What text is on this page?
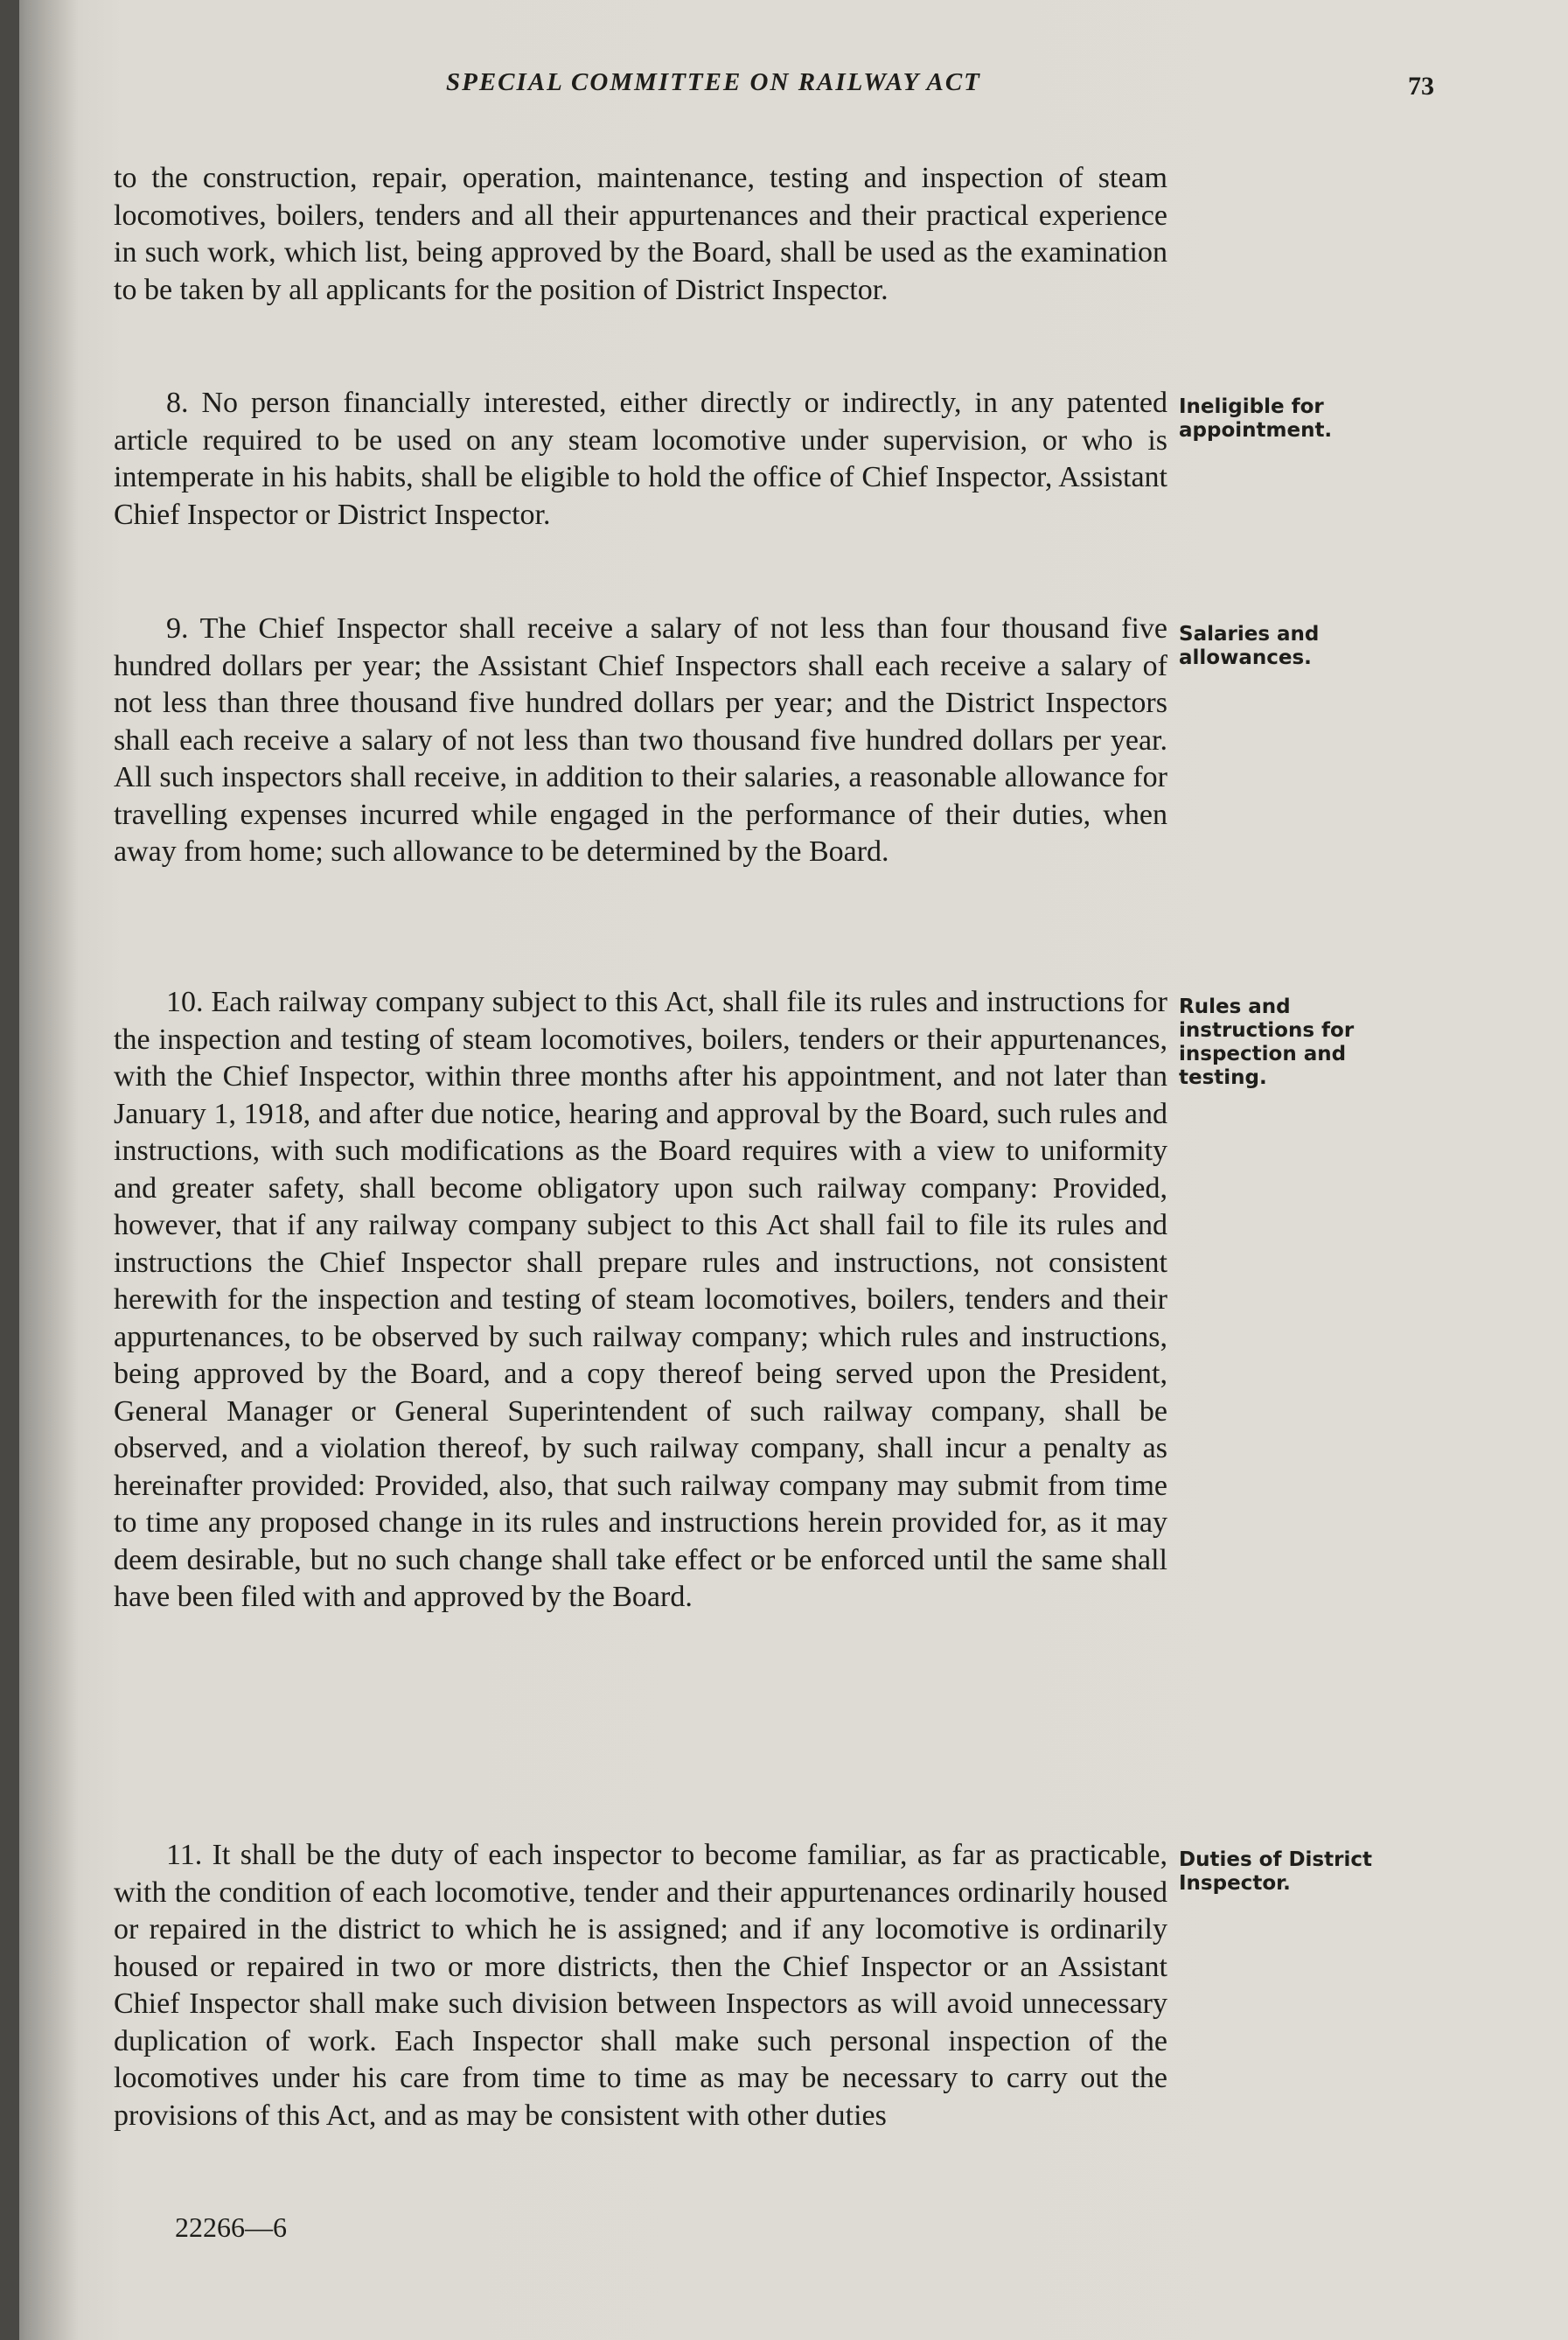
SPECIAL COMMITTEE ON RAILWAY ACT	73

to the construction, repair, operation, maintenance, testing and inspection of steam locomotives, boilers, tenders and all their appurtenances and their practical experience in such work, which list, being approved by the Board, shall be used as the examination to be taken by all applicants for the position of District Inspector.

8. No person financially interested, either directly or indirectly, in any patented article required to be used on any steam locomotive under supervision, or who is intemperate in his habits, shall be eligible to hold the office of Chief Inspector, Assistant Chief Inspector or District Inspector.

Ineligible for appointment.

9. The Chief Inspector shall receive a salary of not less than four thousand five hundred dollars per year; the Assistant Chief Inspectors shall each receive a salary of not less than three thousand five hundred dollars per year; and the District Inspectors shall each receive a salary of not less than two thousand five hundred dollars per year. All such inspectors shall receive, in addition to their salaries, a reasonable allowance for travelling expenses incurred while engaged in the performance of their duties, when away from home; such allowance to be determined by the Board.

Salaries and allowances.

10. Each railway company subject to this Act, shall file its rules and instructions for the inspection and testing of steam locomotives, boilers, tenders or their appurtenances, with the Chief Inspector, within three months after his appointment, and not later than January 1, 1918, and after due notice, hearing and approval by the Board, such rules and instructions, with such modifications as the Board requires with a view to uniformity and greater safety, shall become obligatory upon such railway company: Provided, however, that if any railway company subject to this Act shall fail to file its rules and instructions the Chief Inspector shall prepare rules and instructions, not consistent herewith for the inspection and testing of steam locomotives, boilers, tenders and their appurtenances, to be observed by such railway company; which rules and instructions, being approved by the Board, and a copy thereof being served upon the President, General Manager or General Superintendent of such railway company, shall be observed, and a violation thereof, by such railway company, shall incur a penalty as hereinafter provided: Provided, also, that such railway company may submit from time to time any proposed change in its rules and instructions herein provided for, as it may deem desirable, but no such change shall take effect or be enforced until the same shall have been filed with and approved by the Board.

Rules and instructions for inspection and testing.

11. It shall be the duty of each inspector to become familiar, as far as practicable, with the condition of each locomotive, tender and their appurtenances ordinarily housed or repaired in the district to which he is assigned; and if any locomotive is ordinarily housed or repaired in two or more districts, then the Chief Inspector or an Assistant Chief Inspector shall make such division between Inspectors as will avoid unnecessary duplication of work. Each Inspector shall make such personal inspection of the locomotives under his care from time to time as may be necessary to carry out the provisions of this Act, and as may be consistent with other duties

Duties of District Inspector.
22266—6
